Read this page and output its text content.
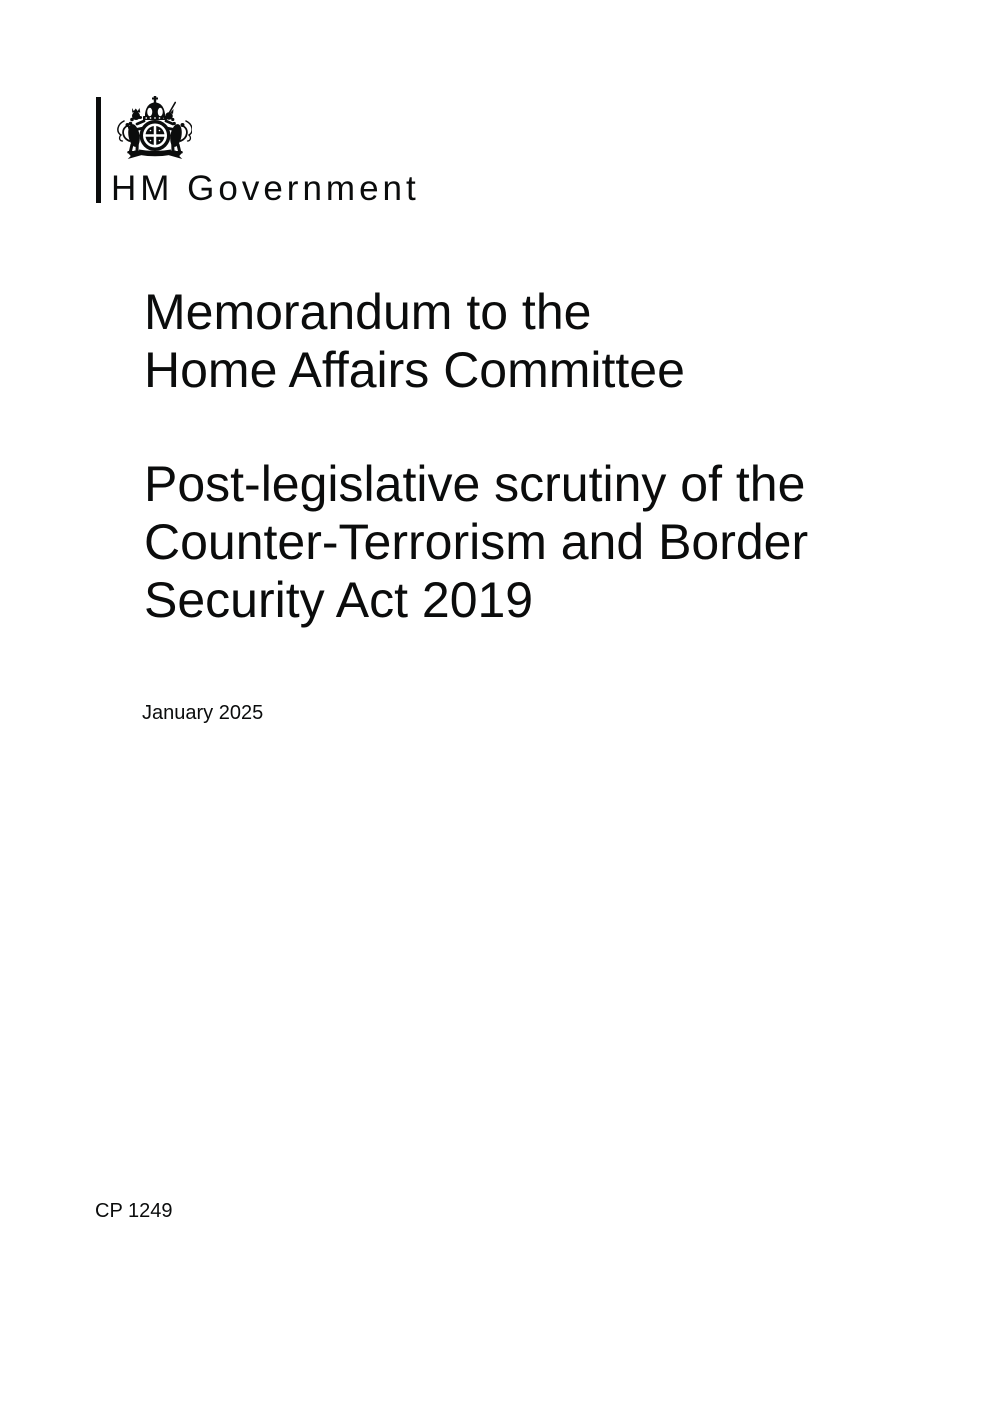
HM Government
Memorandum to the
Home Affairs Committee
Post-legislative scrutiny of the
Counter-Terrorism and Border
Security Act 2019
January 2025
CP 1249
